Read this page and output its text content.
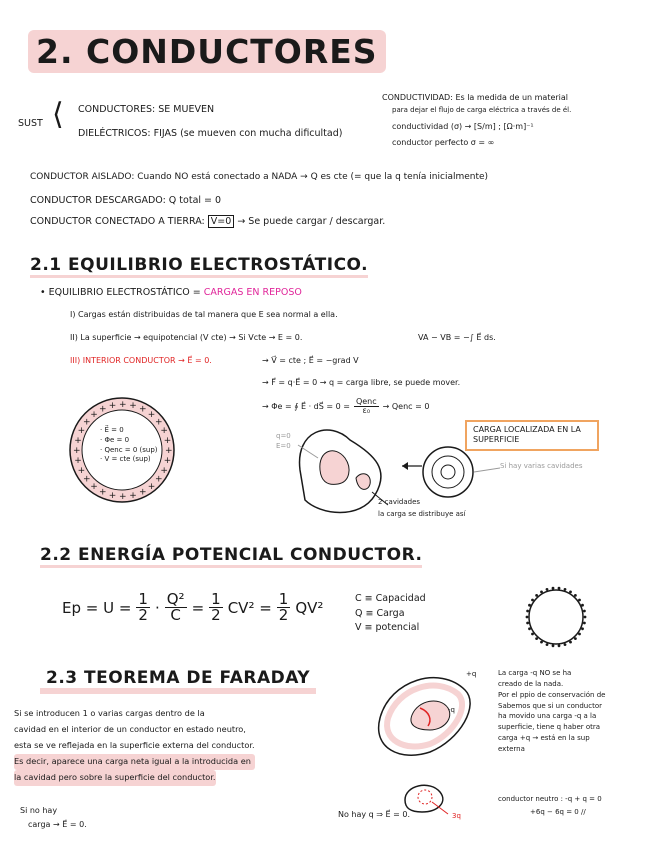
2. CONDUCTORES
SUST ⟨ CONDUCTORES: SE MUEVEN
DIELÉCTRICOS: FIJAS (se mueven con mucha dificultad)
CONDUCTIVIDAD: Es la medida de un material
para dejar el flujo de carga eléctrica a través de él.
conductividad (σ) → [S/m] ; [Ω·m]⁻¹
conductor perfecto σ = ∞
CONDUCTOR AISLADO: Cuando NO está conectado a NADA → Q es cte (= que la q tenía inicialmente)
CONDUCTOR DESCARGADO: Q total = 0
CONDUCTOR CONECTADO A TIERRA: V=0 → Se puede cargar / descargar.
2.1 EQUILIBRIO ELECTROSTÁTICO.
• EQUILIBRIO ELECTROSTÁTICO = CARGAS EN REPOSO
I) Cargas están distribuidas de tal manera que E sea normal a ella.
II) La superficie → equipotencial (V cte) → Si Vcte → E = 0.	VA − VB = −∫ E⃗ ds.
III) INTERIOR CONDUCTOR → E⃗ = 0.	→ V⃗ = cte ; E⃗ = −grad V
→ F⃗ = q·E⃗ = 0 → q = carga libre, se puede mover.
→ Φe = ∮ E⃗ · dS⃗ = $0 = \frac{\text{Qenc}}{\text{ε₀}}$ → Qenc = 0
CARGA LOCALIZADA EN LA SUPERFICIE
+
+
+
+
+
+
+
+
+
+
+
+
+
+
+
+
+
+
+
+ + + + +
+
+
+
+
· E⃗ = 0
· Φe = 0
· Qenc = 0 (sup)
· V = cte (sup)
q=0
E=0
Si hay varias cavidades
2 cavidades
la carga se distribuye así
2.2 ENERGÍA POTENCIAL CONDUCTOR.
$Ep = U = \frac{1}{2} \cdot \frac{\text{Q²}}{C} = \frac{1}{2} CV^2 = \frac{1}{2} QV^2$	C ≡ Capacidad
Q ≡ Carga
V ≡ potencial
2.3 TEOREMA DE FARADAY
Si se introducen 1 o varias cargas dentro de la
cavidad en el interior de un conductor en estado neutro,
esta se ve reflejada en la superficie externa del conductor.
Es decir, aparece una carga neta igual a la introducida en
la cavidad pero sobre la superficie del conductor.
La carga -q NO se ha
creado de la nada.
Por el ppio de conservación de
Sabemos que si un conductor
ha movido una carga -q a la
superficie, tiene q haber otra
carga +q → está en la sup
externa
conductor neutro : -q + q = 0
+6q − 6q = 0 //
+q
-q
3q
Si no hay
carga → E⃗ = 0.
No hay q ⇒ E⃗ = 0.
